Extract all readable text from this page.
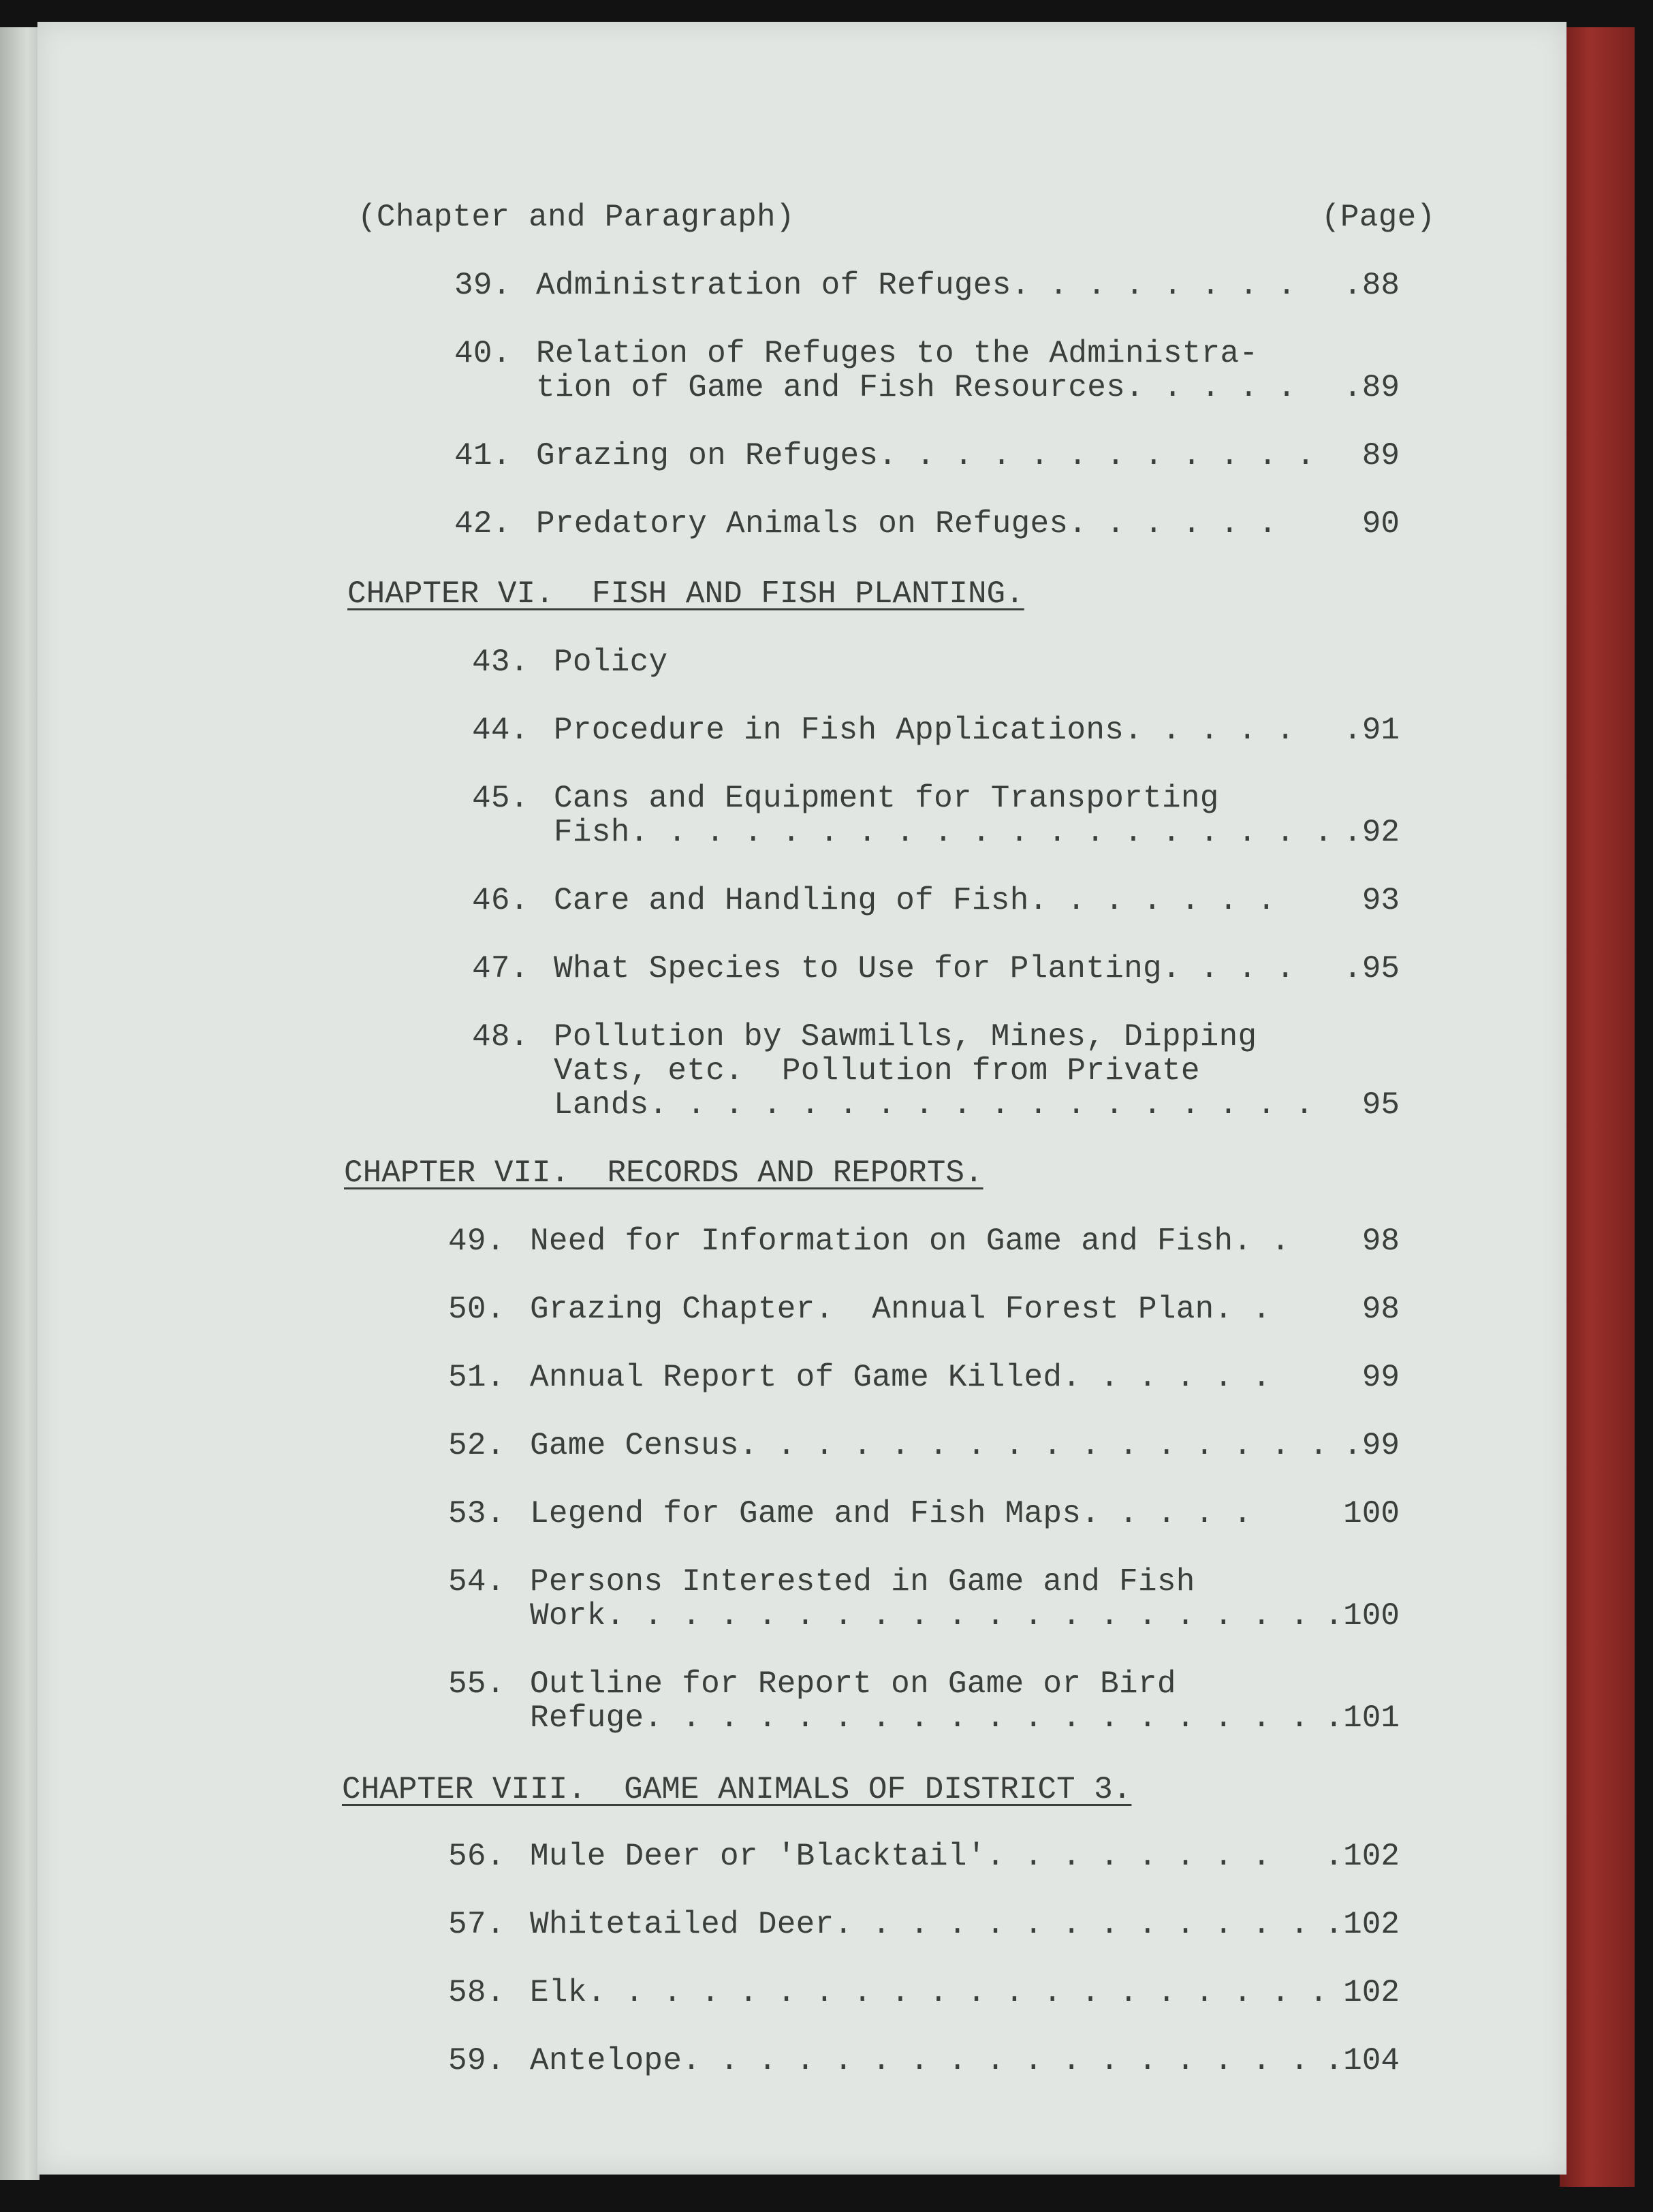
(Chapter and Paragraph)	(Page)
39. Administration of Refuges. . . . . . . . .88
40. Relation of Refuges to the Administra-
tion of Game and Fish Resources. . . . . .89
41. Grazing on Refuges. . . . . . . . . . . . 89
42. Predatory Animals on Refuges. . . . . .	90
CHAPTER VI.  FISH AND FISH PLANTING.
43. Policy
44. Procedure in Fish Applications. . . . . .91
45. Cans and Equipment for Transporting
Fish. . . . . . . . . . . . . . . . . . . .92
46. Care and Handling of Fish. . . . . . .	93
47. What Species to Use for Planting. . . . .95
48. Pollution by Sawmills, Mines, Dipping
Vats, etc.  Pollution from Private
Lands. . . . . . . . . . . . . . . . . . 95
CHAPTER VII.  RECORDS AND REPORTS.
49. Need for Information on Game and Fish. . 98
50. Grazing Chapter.  Annual Forest Plan. .	98
51. Annual Report of Game Killed. . . . . .	99
52. Game Census. . . . . . . . . . . . . . . . .99
53. Legend for Game and Fish Maps. . . . .	100
54. Persons Interested in Game and Fish
Work. . . . . . . . . . . . . . . . . . . .100
55. Outline for Report on Game or Bird
Refuge. . . . . . . . . . . . . . . . . . .101
CHAPTER VIII.  GAME ANIMALS OF DISTRICT 3.
56. Mule Deer or 'Blacktail'. . . . . . . . .102
57. Whitetailed Deer. . . . . . . . . . . . . .102
58. Elk. . . . . . . . . . . . . . . . . . . . 102
59. Antelope. . . . . . . . . . . . . . . . . .104
